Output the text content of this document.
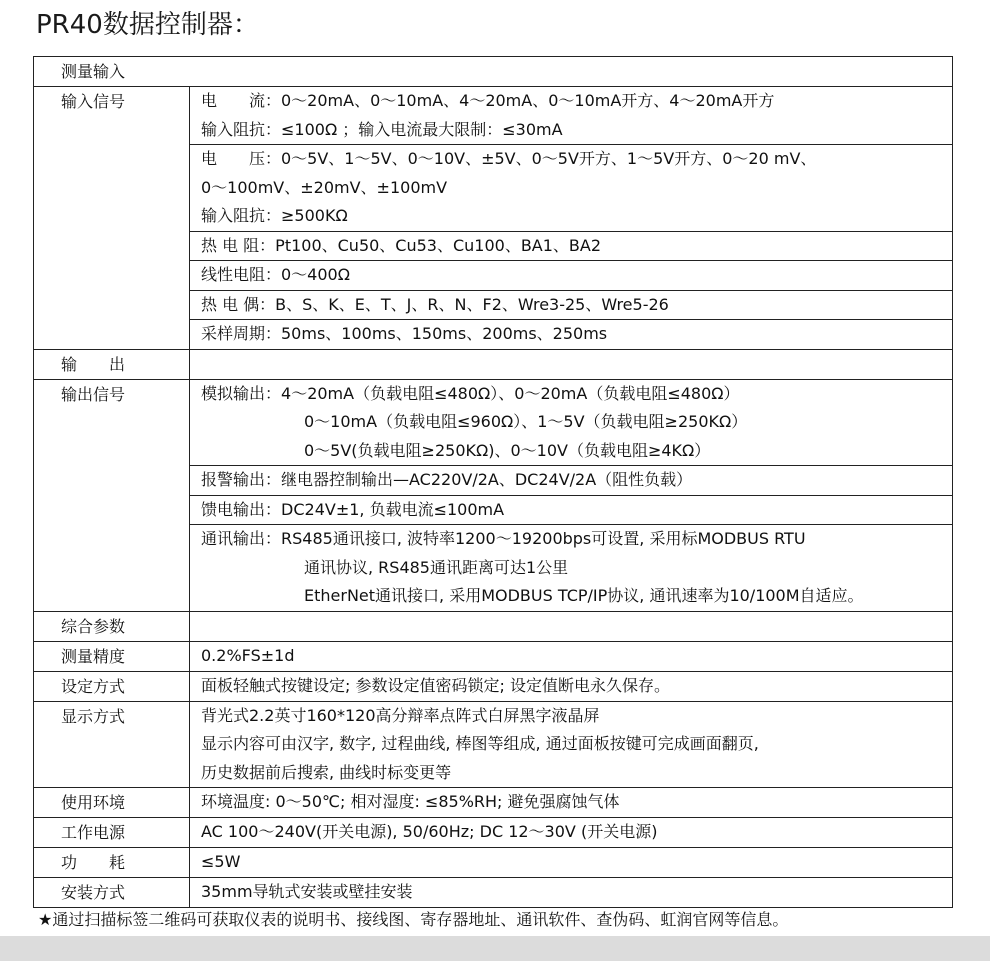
PR40数据控制器：
测量输入	
输入信号	电　　流：0～20mA、0～10mA、4～20mA、0～10mA开方、4～20mA开方
输入阻抗：≤100Ω ；输入电流最大限制：≤30mA

	电　　压：0～5V、1～5V、0～10V、±5V、0～5V开方、1～5V开方、0～20 mV、
0～100mV、±20mV、±100mV
输入阻抗：≥500KΩ

	热 电 阻：Pt100、Cu50、Cu53、Cu100、BA1、BA2

	线性电阻：0～400Ω

	热 电 偶：B、S、K、E、T、J、R、N、F2、Wre3-25、Wre5-26

	采样周期：50ms、100ms、150ms、200ms、250ms

输　　出	
输出信号	模拟输出：4～20mA（负载电阻≤480Ω）、0～20mA（负载电阻≤480Ω）
0～10mA（负载电阻≤960Ω）、1～5V（负载电阻≥250KΩ）
0～5V(负载电阻≥250KΩ)、0～10V（负载电阻≥4KΩ）

	报警输出：继电器控制输出—AC220V/2A、DC24V/2A（阻性负载）

	馈电输出：DC24V±1, 负载电流≤100mA

	通讯输出：RS485通讯接口, 波特率1200～19200bps可设置, 采用标MODBUS RTU
通讯协议, RS485通讯距离可达1公里
EtherNet通讯接口, 采用MODBUS TCP/IP协议, 通讯速率为10/100M自适应。

综合参数	
测量精度	0.2%FS±1d

设定方式	面板轻触式按键设定; 参数设定值密码锁定; 设定值断电永久保存。

显示方式	背光式2.2英寸160*120高分辩率点阵式白屏黑字液晶屏
显示内容可由汉字, 数字, 过程曲线, 棒图等组成, 通过面板按键可完成画面翻页,
历史数据前后搜索, 曲线时标变更等

使用环境	环境温度: 0～50℃; 相对湿度: ≤85%RH; 避免强腐蚀气体

工作电源	AC 100～240V(开关电源), 50/60Hz; DC 12～30V (开关电源)

功　　耗	≤5W

安装方式	35mm导轨式安装或壁挂安装
★通过扫描标签二维码可获取仪表的说明书、接线图、寄存器地址、通讯软件、查伪码、虹润官网等信息。
